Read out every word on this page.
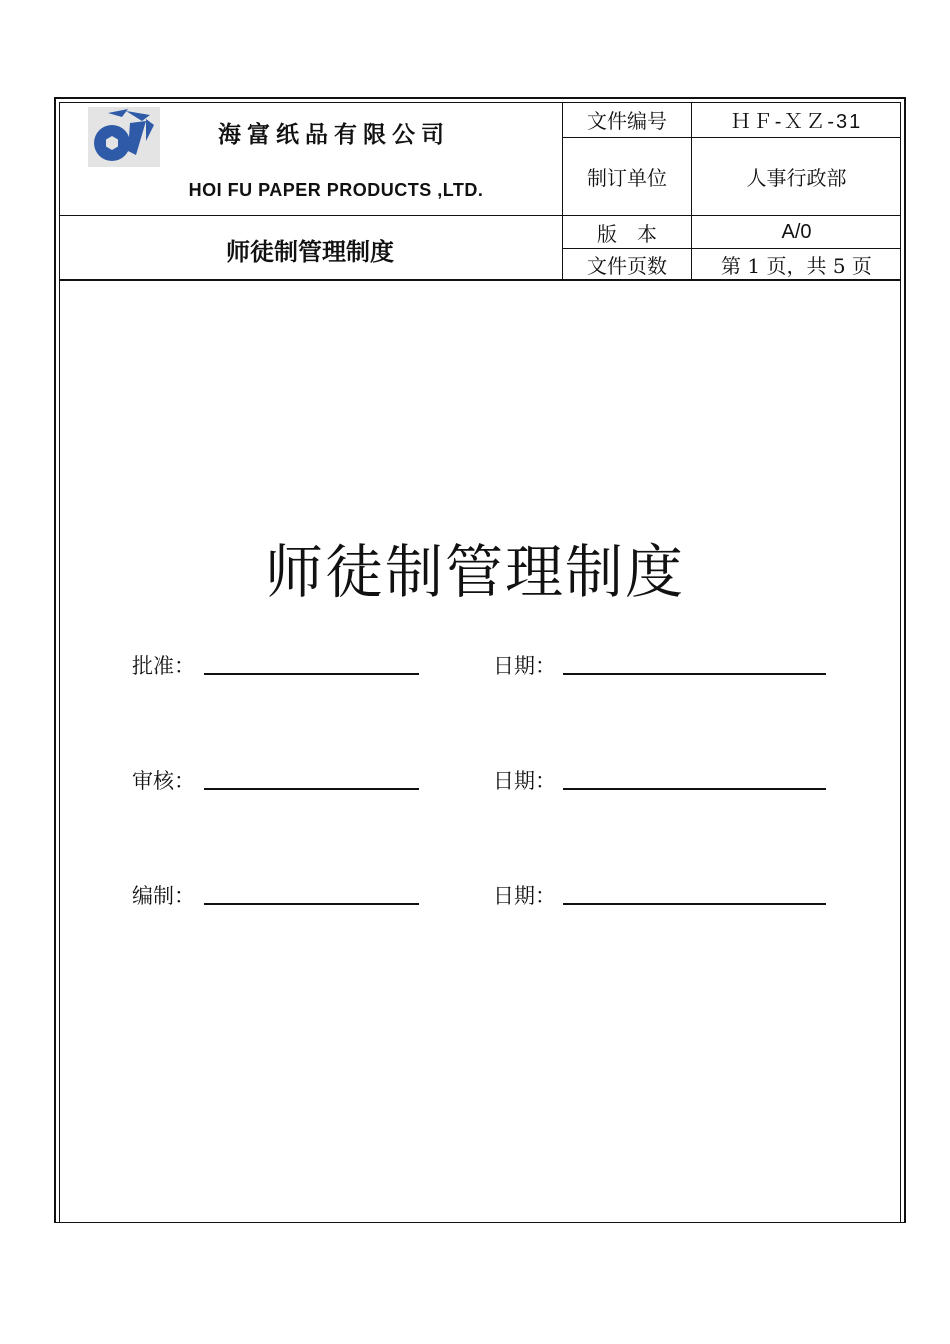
海富纸品有限公司
HOI FU PAPER PRODUCTS ,LTD.
师徒制管理制度
文件编号	ＨＦ-ＸＺ-31
制订单位	人事行政部
版　本	A/0
文件页数	第 1 页，共 5 页
师徒制管理制度
批准：	日期：
审核：	日期：
编制：	日期：
